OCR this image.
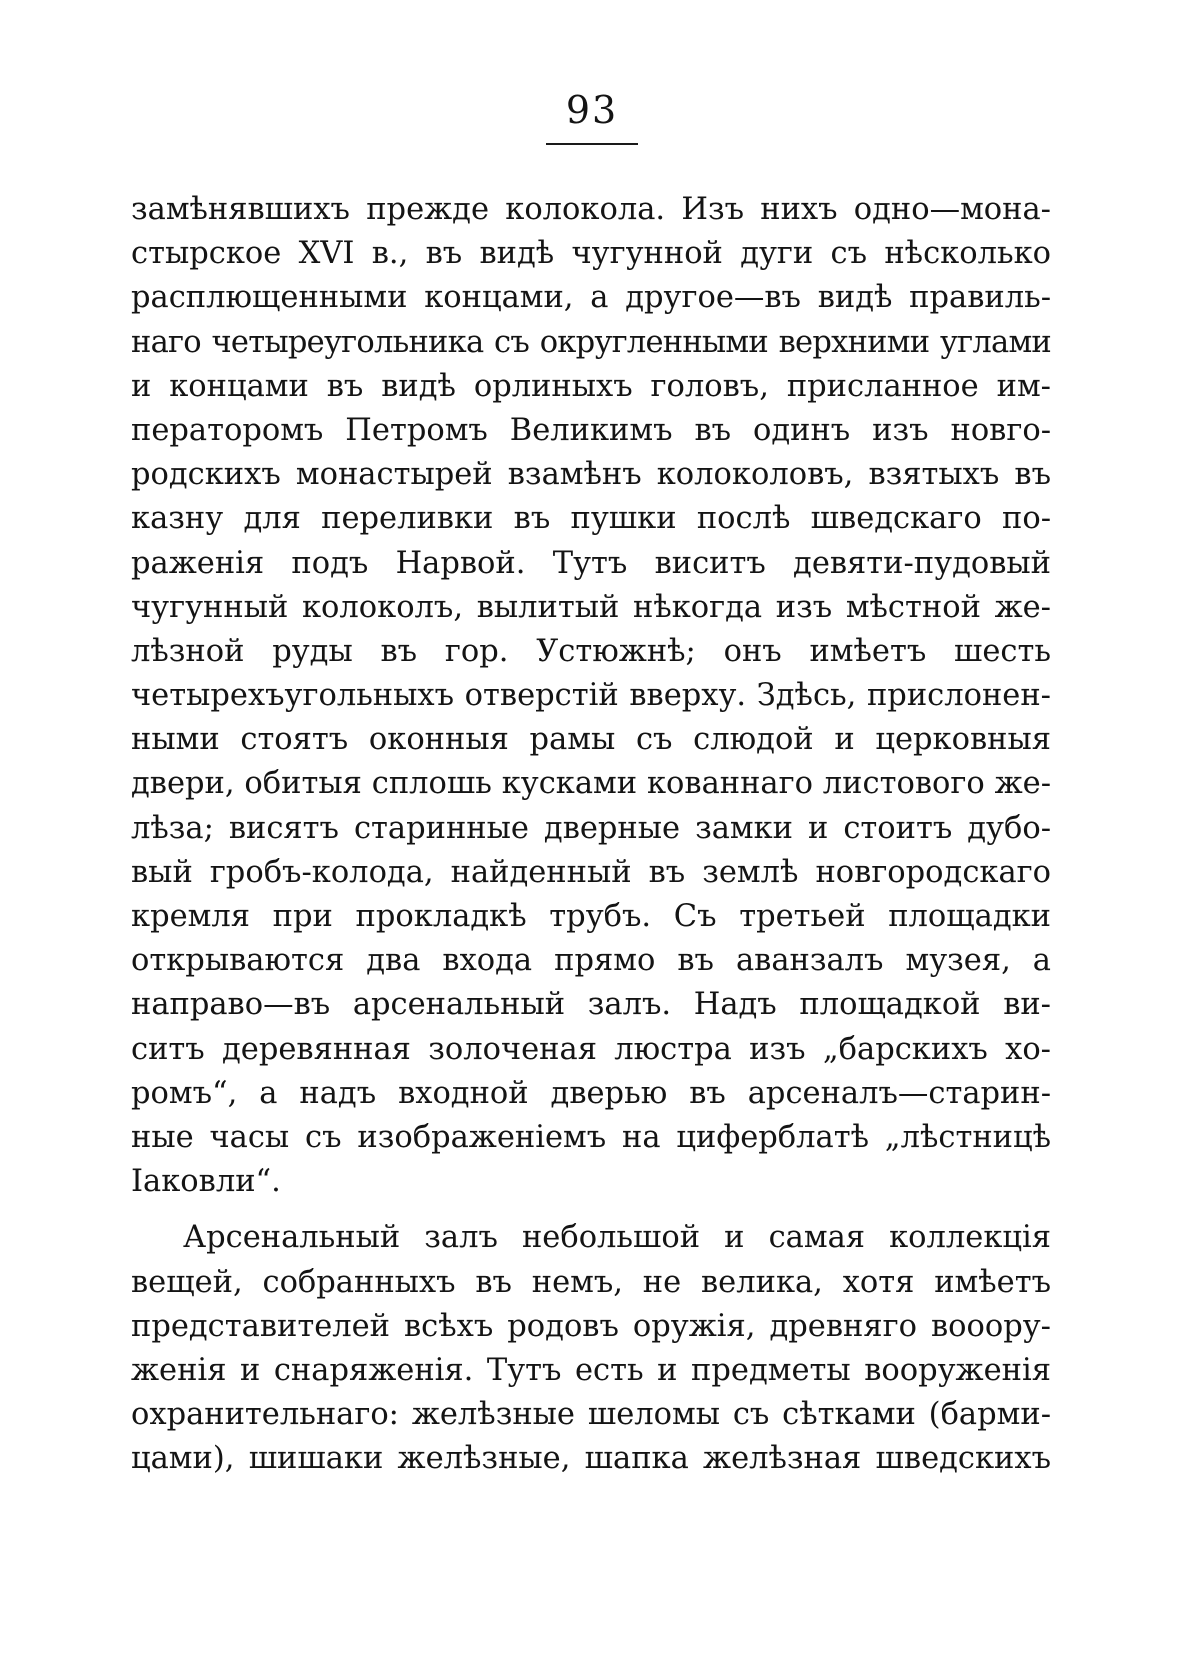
93
замѣнявшихъ прежде колокола. Изъ нихъ одно—мона-
стырское XVI в., въ видѣ чугунной дуги съ нѣсколько
расплющенными концами, а другое—въ видѣ правиль-
наго четыреугольника съ округленными верхними углами
и концами въ видѣ орлиныхъ головъ, присланное им-
ператоромъ Петромъ Великимъ въ одинъ изъ новго-
родскихъ монастырей взамѣнъ колоколовъ, взятыхъ въ
казну для переливки въ пушки послѣ шведскаго по-
раженія подъ Нарвой. Тутъ виситъ девяти-пудовый
чугунный колоколъ, вылитый нѣкогда изъ мѣстной же-
лѣзной руды въ гор. Устюжнѣ; онъ имѣетъ шесть
четырехъугольныхъ отверстій вверху. Здѣсь, прислонен-
ными стоятъ оконныя рамы съ слюдой и церковныя
двери, обитыя сплошь кусками кованнаго листового же-
лѣза; висятъ старинные дверные замки и стоитъ дубо-
вый гробъ-колода, найденный въ землѣ новгородскаго
кремля при прокладкѣ трубъ. Съ третьей площадки
открываются два входа прямо въ аванзалъ музея, а
направо—въ арсенальный залъ. Надъ площадкой ви-
ситъ деревянная золоченая люстра изъ „барскихъ хо-
ромъ“, а надъ входной дверью въ арсеналъ—старин-
ные часы съ изображеніемъ на циферблатѣ „лѣстницѣ
Іаковли“.
Арсенальный залъ небольшой и самая коллекція
вещей, собранныхъ въ немъ, не велика, хотя имѣетъ
представителей всѣхъ родовъ оружія, древняго вооору-
женія и снаряженія. Тутъ есть и предметы вооруженія
охранительнаго: желѣзные шеломы съ сѣтками (барми-
цами), шишаки желѣзные, шапка желѣзная шведскихъ
